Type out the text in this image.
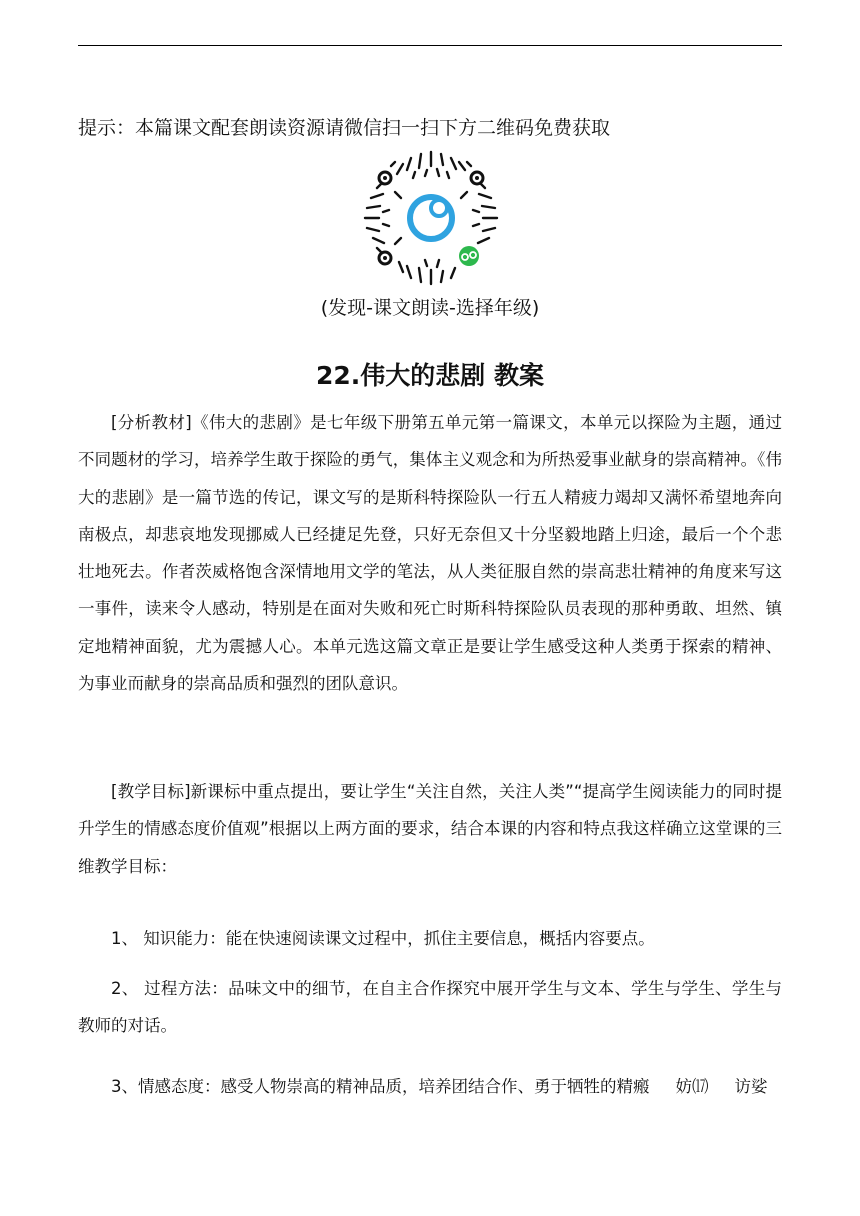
提示：本篇课文配套朗读资源请微信扫一扫下方二维码免费获取
(发现-课文朗读-选择年级)
22.伟大的悲剧 教案
[分析教材]《伟大的悲剧》是七年级下册第五单元第一篇课文，本单元以探险为主题，通过不同题材的学习，培养学生敢于探险的勇气，集体主义观念和为所热爱事业献身的崇高精神。《伟大的悲剧》是一篇节选的传记，课文写的是斯科特探险队一行五人精疲力竭却又满怀希望地奔向南极点，却悲哀地发现挪威人已经捷足先登，只好无奈但又十分坚毅地踏上归途，最后一个个悲壮地死去。作者茨威格饱含深情地用文学的笔法，从人类征服自然的崇高悲壮精神的角度来写这一事件，读来令人感动，特别是在面对失败和死亡时斯科特探险队员表现的那种勇敢、坦然、镇定地精神面貌，尤为震撼人心。本单元选这篇文章正是要让学生感受这种人类勇于探索的精神、为事业而献身的崇高品质和强烈的团队意识。
[教学目标]新课标中重点提出，要让学生“关注自然，关注人类”“提高学生阅读能力的同时提升学生的情感态度价值观”根据以上两方面的要求，结合本课的内容和特点我这样确立这堂课的三维教学目标：
1、 知识能力：能在快速阅读课文过程中，抓住主要信息，概括内容要点。
2、 过程方法：品味文中的细节，在自主合作探究中展开学生与文本、学生与学生、学生与教师的对话。
3、情感态度：感受人物崇高的精神品质，培养团结合作、勇于牺牲的精瘢 妨⒄ 访娑
